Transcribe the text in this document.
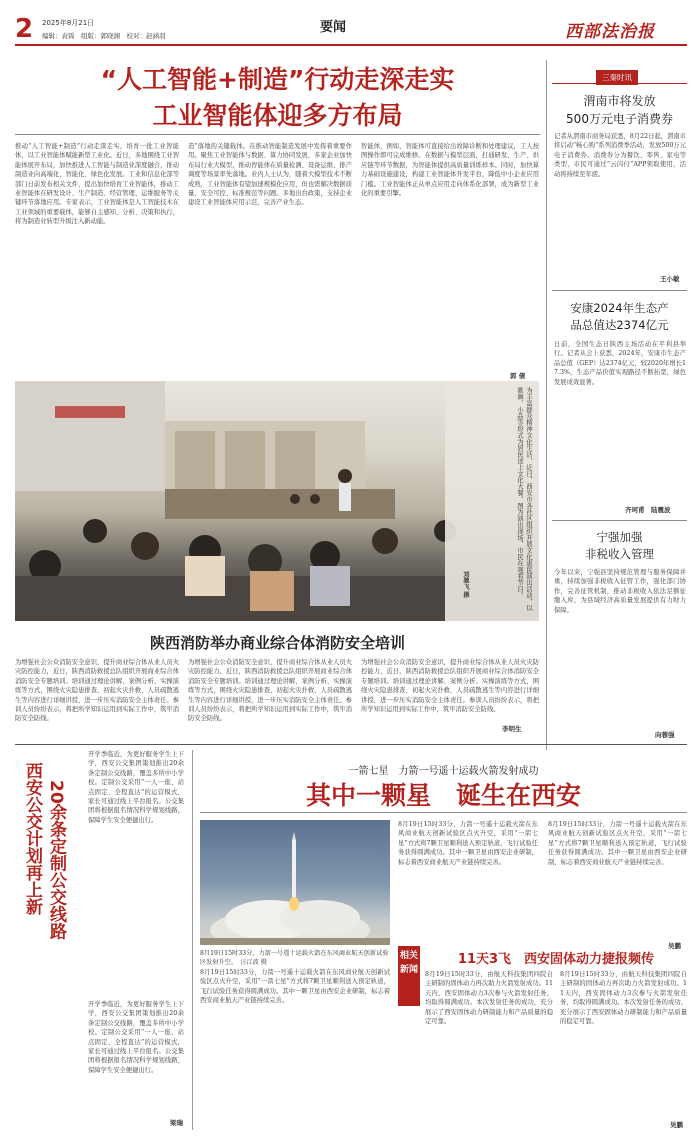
2 2025年8月21日
编辑：袁锦　组版：郭晓渊　校对：赵涵羽
要闻	西部法治报
“人工智能+制造”行动走深走实
工业智能体迎多方布局
推动“人工智能+制造”行动走深走实，培育一批工业智能体，以工业智能体赋能新型工业化。近日，多地围绕工业智能体展开布局，加快推进人工智能与制造业深度融合，推动制造业向高端化、智能化、绿色化发展。工业和信息化部等部门日前发布相关文件，提出加快培育工业智能体，推动工业智能体在研发设计、生产制造、经营管理、运维服务等关键环节落地应用。专家表示，工业智能体是人工智能技术在工业领域的重要载体，能够自主感知、分析、决策和执行，将为制造业转型升级注入新动能。
造”落地的关键载体。在推动智能制造发展中发挥着重要作用。聚焦工业智能体与数据、算力协同发展，多家企业加快布局行业大模型，推动智能体在质量检测、设备运维、排产调度等场景率先落地。业内人士认为，随着大模型技术不断成熟，工业智能体有望加速规模化应用，但也需解决数据质量、安全可控、标准规范等问题。多地出台政策，支持企业建设工业智能体应用示范，完善产业生态。
智能体，例如，智能体可直接给出故障诊断和处理建议，工人按图操作即可完成维修。在数据与模型层面，打通研发、生产、供应链等环节数据，为智能体提供高质量训练样本。同时，加快算力基础设施建设，构建工业智能体开发平台，降低中小企业应用门槛。工业智能体正从单点应用走向体系化部署，成为新型工业化的重要引擎。
郭 倩
为丰富群众精神文化生活，近日，西安市各社区组织开展文化惠民演出活动，以歌舞、小品等形式为居民送上文化大餐。图为演出现场，市民在观看节目。
刘驰飞 摄
陕西消防举办商业综合体消防安全培训
为增强社会公众消防安全意识，提升商业综合体从业人员火灾防控能力，近日，陕西消防救援总队组织开展商业综合体消防安全专题培训。培训通过理论讲解、案例分析、实操演练等方式，围绕火灾隐患排查、初起火灾扑救、人员疏散逃生等内容进行详细讲授，进一步压实消防安全主体责任。参训人员纷纷表示，将把所学知识运用到实际工作中，筑牢消防安全防线。
为增强社会公众消防安全意识，提升商业综合体从业人员火灾防控能力，近日，陕西消防救援总队组织开展商业综合体消防安全专题培训。培训通过理论讲解、案例分析、实操演练等方式，围绕火灾隐患排查、初起火灾扑救、人员疏散逃生等内容进行详细讲授，进一步压实消防安全主体责任。参训人员纷纷表示，将把所学知识运用到实际工作中，筑牢消防安全防线。
为增强社会公众消防安全意识，提升商业综合体从业人员火灾防控能力，近日，陕西消防救援总队组织开展商业综合体消防安全专题培训。培训通过理论讲解、案例分析、实操演练等方式，围绕火灾隐患排查、初起火灾扑救、人员疏散逃生等内容进行详细讲授，进一步压实消防安全主体责任。参训人员纷纷表示，将把所学知识运用到实际工作中，筑牢消防安全防线。
李明生
三秦时讯
渭南市将发放
500万元电子消费券
记者从渭南市商务局获悉，8月22日起，渭南市将启动“畅心购”系列消费季活动，发放500万元电子消费券。消费券分为餐饮、零售、家电等类型，市民可通过“云闪付”APP领取使用，活动将持续至年底。
王小敏
安康2024年生态产
品总值达2374亿元
日前，全国生态日陕西主场活动在平利县举行。记者从会上获悉，2024年，安康市生态产品总值（GEP）达2374亿元，较2020年增长17.3%，生态产品价值实现路径不断拓宽，绿色发展成效显著。
齐珂甫　陆震波
宁强加强
非税收入管理
今年以来，宁强县坚持规范管理与服务保障并重，持续加强非税收入征管工作，强化部门协作，完善征管机制，推动非税收入依法足额征缴入库，为县域经济高质量发展提供有力财力保障。
向蓉强
西安公交计划再上新 20余条定制公交线路
开学季临近，为更好服务学生上下学，西安公交集团策划推出20余条定制公交线路，覆盖多所中小学校。定制公交采用“一人一座、站点固定、全程直达”的运营模式，家长可通过线上平台报名。公交集团将根据报名情况科学规划线路，保障学生安全便捷出行。
开学季临近，为更好服务学生上下学，西安公交集团策划推出20余条定制公交线路，覆盖多所中小学校。定制公交采用“一人一座、站点固定、全程直达”的运营模式，家长可通过线上平台报名。公交集团将根据报名情况科学规划线路，保障学生安全便捷出行。
梁瑞
一箭七星　力箭一号遥十运载火箭发射成功
其中一颗星　诞生在西安
8月19日15时33分，力箭一号遥十运载火箭在东风商业航天创新试验区发射升空。　汪江波 摄
8月19日15时33分，力箭一号遥十运载火箭在东风商业航天创新试验区点火升空，采用“一箭七星”方式将7颗卫星顺利送入预定轨道，飞行试验任务获得圆满成功。其中一颗卫星由西安企业研制，标志着西安商业航天产业链持续完善。
8月19日15时33分，力箭一号遥十运载火箭在东风商业航天创新试验区点火升空，采用“一箭七星”方式将7颗卫星顺利送入预定轨道，飞行试验任务获得圆满成功。其中一颗卫星由西安企业研制，标志着西安商业航天产业链持续完善。
8月19日15时33分，力箭一号遥十运载火箭在东风商业航天创新试验区点火升空，采用“一箭七星”方式将7颗卫星顺利送入预定轨道，飞行试验任务获得圆满成功。其中一颗卫星由西安企业研制，标志着西安商业航天产业链持续完善。
吴鹏
相关
新闻
11天3飞　西安固体动力捷报频传
8月19日15时33分，由航天科技集团四院自主研制的固体动力再次助力火箭发射成功。11天内，西安固体动力3次参与火箭发射任务，均取得圆满成功。本次发射任务的成功，充分展示了西安固体动力研制能力和产品质量的稳定可靠。
8月19日15时33分，由航天科技集团四院自主研制的固体动力再次助力火箭发射成功。11天内，西安固体动力3次参与火箭发射任务，均取得圆满成功。本次发射任务的成功，充分展示了西安固体动力研制能力和产品质量的稳定可靠。
吴鹏
